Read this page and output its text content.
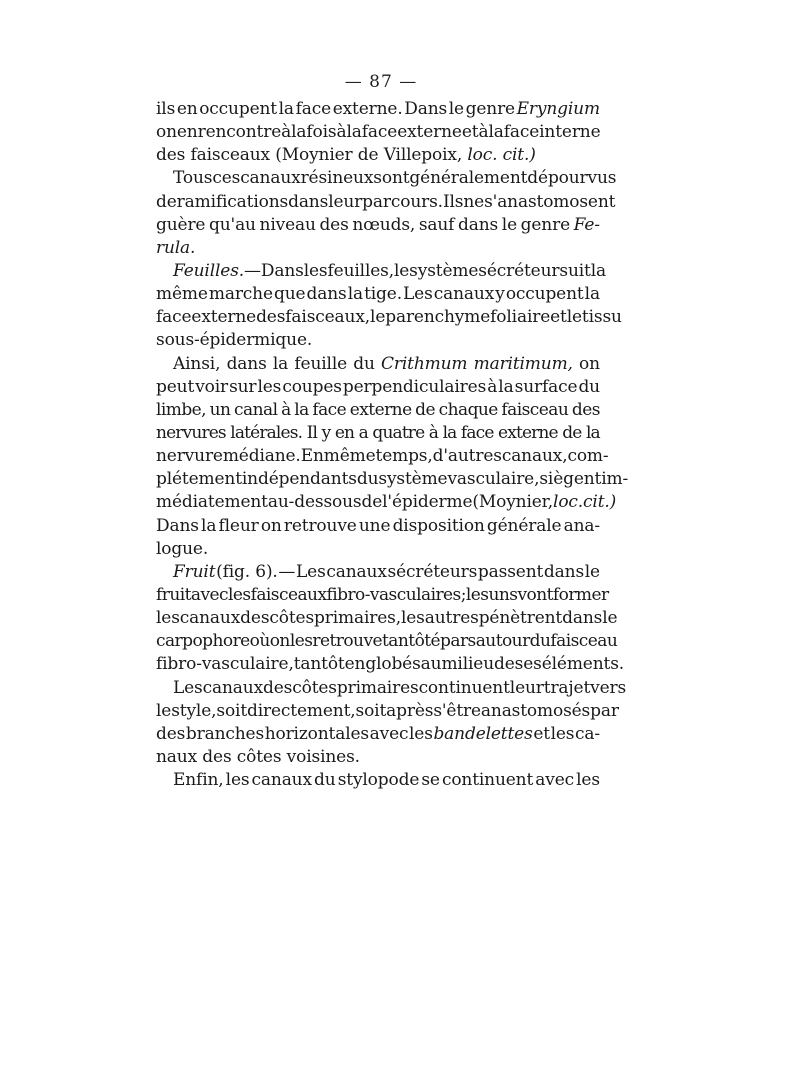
— 87 —
ils en occupent la face externe. Dans le genre Eryngium
on en rencontre à la fois à la face externe et à la face interne
des faisceaux (Moynier de Villepoix, loc. cit.)
Tous ces canaux résineux sont généralement dépourvus
de ramifications dans leur parcours. Ils ne s'anastomosent
guère qu'au niveau des nœuds, sauf dans le genre Fe-
rula.
Feuilles. — Dans les feuilles, le système sécréteur suit la
même marche que dans la tige. Les canaux y occupent la
face externe des faisceaux, le parenchyme foliaire et le tissu
sous-épidermique.
Ainsi, dans la feuille du Crithmum maritimum, on
peut voir sur les coupes perpendiculaires à la surface du
limbe, un canal à la face externe de chaque faisceau des
nervures latérales. Il y en a quatre à la face externe de la
nervure médiane. En même temps, d'autres canaux, com-
plétement indépendants du système vasculaire, siègent im-
médiatement au-dessous de l'épiderme (Moynier, loc. cit.)
Dans la fleur on retrouve une disposition générale ana-
logue.
Fruit (fig. 6). — Les canaux sécréteurs passent dans le
fruit avec les faisceaux fibro-vasculaires; les uns vont former
les canaux des côtes primaires, les autres pénètrent dans le
carpophore où on les retrouve tantôt épars autour du faisceau
fibro-vasculaire, tantôt englobés au milieu de ses éléments.
Les canaux des côtes primaires continuent leur trajet vers
le style, soit directement, soit après s'être anastomosés par
des branches horizontales avec les bandelettes et les ca-
naux des côtes voisines.
Enfin, les canaux du stylopode se continuent avec les
